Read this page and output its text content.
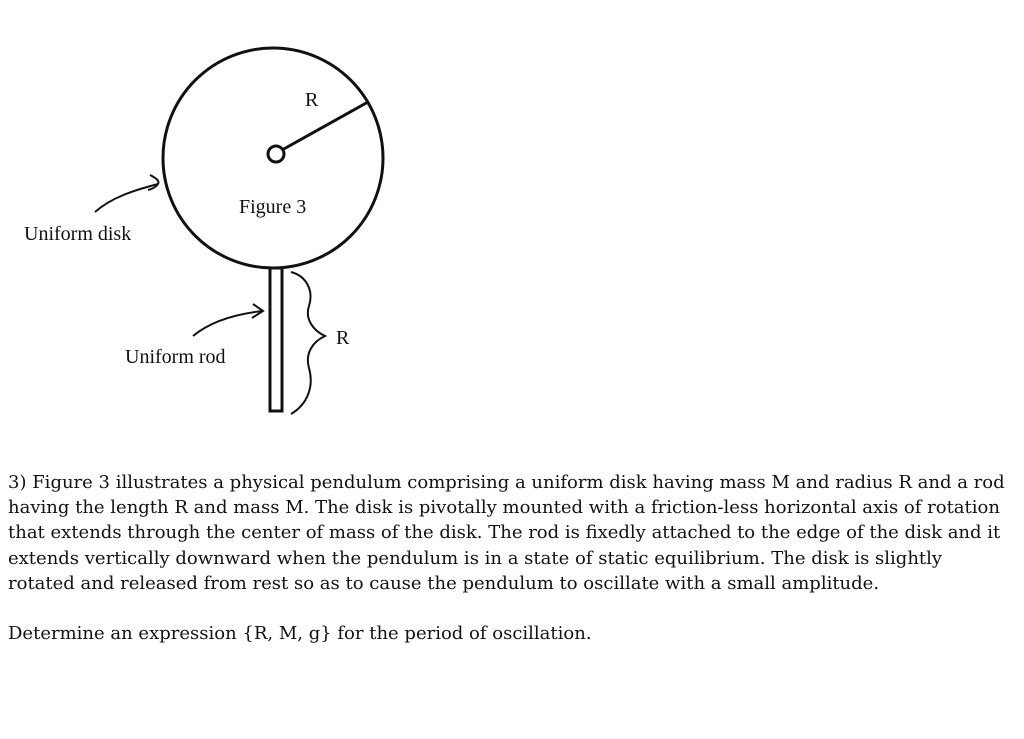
R
Figure 3
Uniform disk
Uniform rod
R

3) Figure 3 illustrates a physical pendulum comprising a uniform disk having mass M and radius R and a rod having the length R and mass M. The disk is pivotally mounted with a friction-less horizontal axis of rotation that extends through the center of mass of the disk. The rod is fixedly attached to the edge of the disk and it extends vertically downward when the pendulum is in a state of static equilibrium. The disk is slightly rotated and released from rest so as to cause the pendulum to oscillate with a small amplitude.

Determine an expression {R, M, g} for the period of oscillation.
